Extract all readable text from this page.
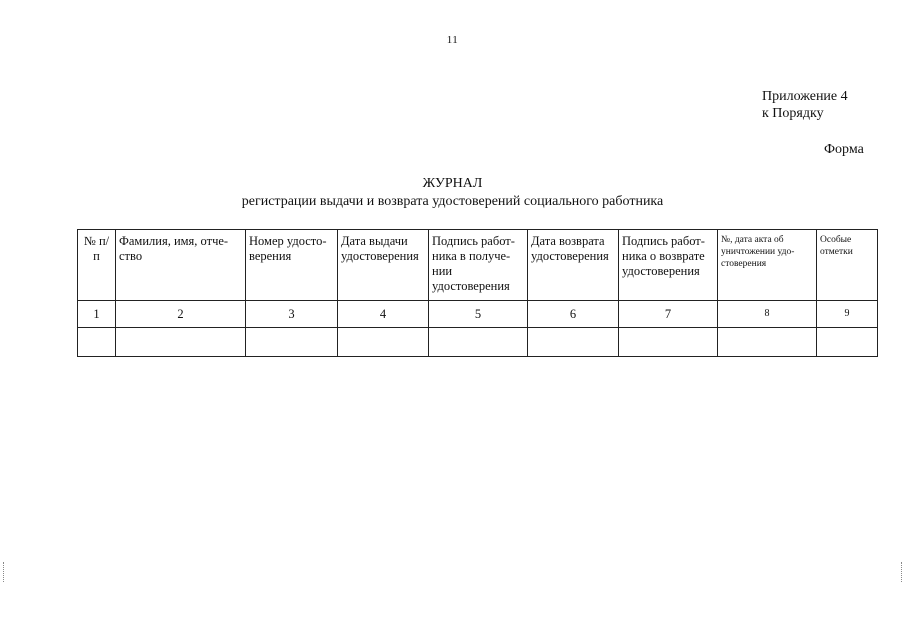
11
Приложение 4
к Порядку
Форма
ЖУРНАЛ
регистрации выдачи и возврата удостоверений социального работника
№ п/п	Фамилия, имя, отче-ство	Номер удосто-верения	Дата выдачи удостоверения	Подпись работ-ника в получе-нии удостоверения	Дата возврата удостоверения	Подпись работ-ника о возврате удостоверения	№, дата акта об уничтожении удо-стоверения	Особые отметки
1	2	3	4	5	6	7	8	9
